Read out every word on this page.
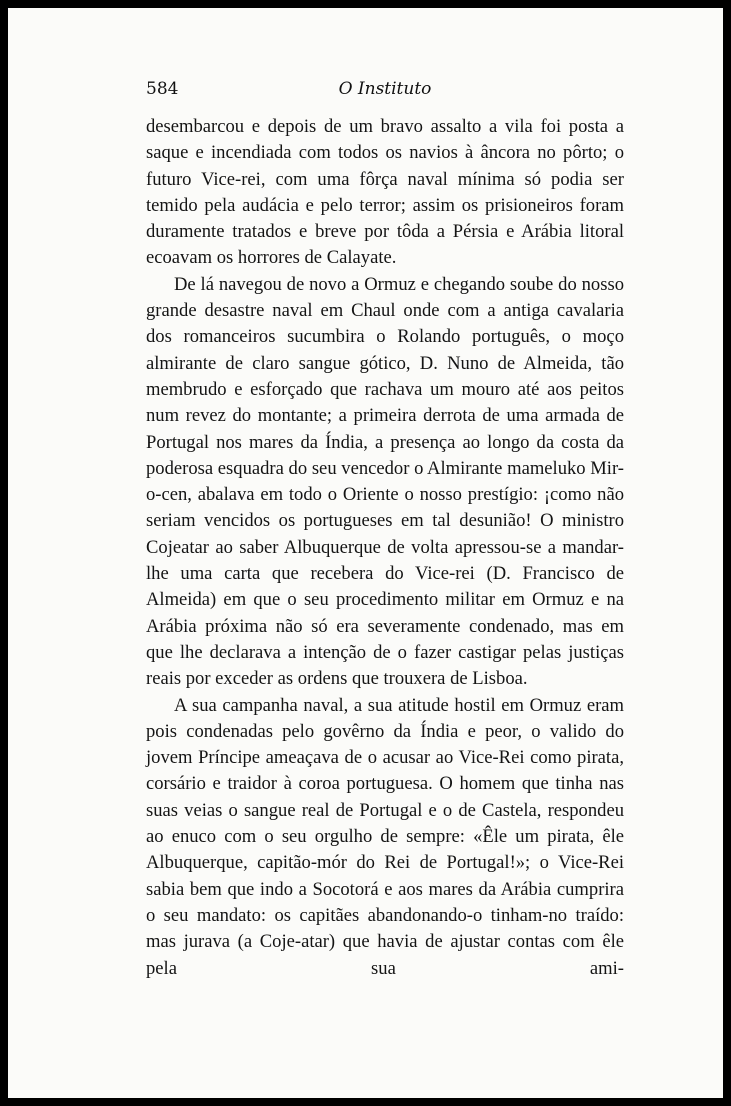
584	O Instituto

desembarcou e depois de um bravo assalto a vila foi posta a saque e incendiada com todos os navios à âncora no pôrto; o futuro Vice-rei, com uma fôrça naval mínima só podia ser temido pela audácia e pelo terror; assim os prisioneiros foram duramente tratados e breve por tôda a Pérsia e Arábia litoral ecoavam os horrores de Calayate.

De lá navegou de novo a Ormuz e chegando soube do nosso grande desastre naval em Chaul onde com a antiga cavalaria dos romanceiros sucumbira o Rolando português, o moço almirante de claro sangue gótico, D. Nuno de Almeida, tão membrudo e esforçado que rachava um mouro até aos peitos num revez do montante; a primeira derrota de uma armada de Portugal nos mares da Índia, a presença ao longo da costa da poderosa esquadra do seu vencedor o Almirante mameluko Mir-o-cen, abalava em todo o Oriente o nosso prestígio: ¡como não seriam vencidos os portugueses em tal desunião! O ministro Cojeatar ao saber Albuquerque de volta apressou-se a mandar-lhe uma carta que recebera do Vice-rei (D. Francisco de Almeida) em que o seu procedimento militar em Ormuz e na Arábia próxima não só era severamente condenado, mas em que lhe declarava a intenção de o fazer castigar pelas justiças reais por exceder as ordens que trouxera de Lisboa.

A sua campanha naval, a sua atitude hostil em Ormuz eram pois condenadas pelo govêrno da Índia e peor, o valido do jovem Príncipe ameaçava de o acusar ao Vice-Rei como pirata, corsário e traidor à coroa portuguesa. O homem que tinha nas suas veias o sangue real de Portugal e o de Castela, respondeu ao enuco com o seu orgulho de sempre: «Êle um pirata, êle Albuquerque, capitão-mór do Rei de Portugal!»; o Vice-Rei sabia bem que indo a Socotorá e aos mares da Arábia cumprira o seu mandato: os capitães abandonando-o tinham-no traído: mas jurava (a Coje-atar) que havia de ajustar contas com êle pela sua ami-
